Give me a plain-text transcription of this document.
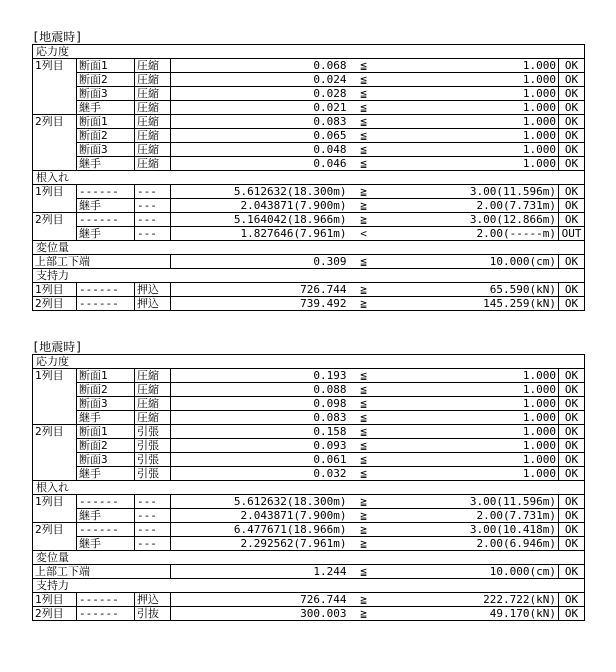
[地震時]
応力度						
1列目	断面1	圧縮	0.068	≦	1.000	OK
	断面2	圧縮	0.024	≦	1.000	OK
	断面3	圧縮	0.028	≦	1.000	OK
	継手	圧縮	0.021	≦	1.000	OK
2列目	断面1	圧縮	0.083	≦	1.000	OK
	断面2	圧縮	0.065	≦	1.000	OK
	断面3	圧縮	0.048	≦	1.000	OK
	継手	圧縮	0.046	≦	1.000	OK
根入れ						
1列目	------	---	5.612632(18.300m)	≧	3.00(11.596m)	OK
	継手	---	2.043871(7.900m)	≧	2.00(7.731m)	OK
2列目	------	---	5.164042(18.966m)	≧	3.00(12.866m)	OK
	継手	---	1.827646(7.961m)	<	2.00(-----m)	OUT
変位量						
上部工下端			0.309	≦	10.000(cm)	OK
支持力						
1列目	------	押込	726.744	≧	65.590(kN)	OK
2列目	------	押込	739.492	≧	145.259(kN)	OK
[地震時]
応力度						
1列目	断面1	圧縮	0.193	≦	1.000	OK
	断面2	圧縮	0.088	≦	1.000	OK
	断面3	圧縮	0.098	≦	1.000	OK
	継手	圧縮	0.083	≦	1.000	OK
2列目	断面1	引張	0.158	≦	1.000	OK
	断面2	引張	0.093	≦	1.000	OK
	断面3	引張	0.061	≦	1.000	OK
	継手	引張	0.032	≦	1.000	OK
根入れ						
1列目	------	---	5.612632(18.300m)	≧	3.00(11.596m)	OK
	継手	---	2.043871(7.900m)	≧	2.00(7.731m)	OK
2列目	------	---	6.477671(18.966m)	≧	3.00(10.418m)	OK
	継手	---	2.292562(7.961m)	≧	2.00(6.946m)	OK
変位量						
上部工下端			1.244	≦	10.000(cm)	OK
支持力						
1列目	------	押込	726.744	≧	222.722(kN)	OK
2列目	------	引抜	300.003	≧	49.170(kN)	OK
